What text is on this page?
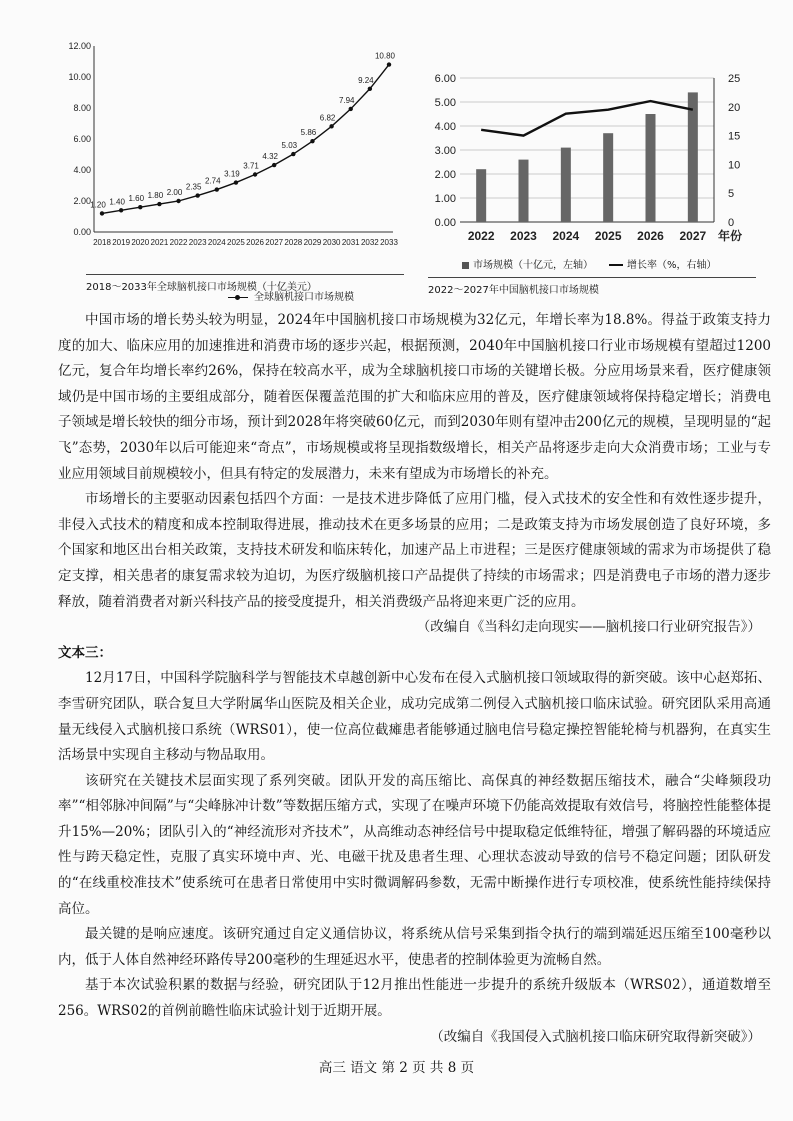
0.00
2.00
4.00
6.00
8.00
10.00
12.00
2018 2019 2020 2021 2022 2023 2024 2025 2026 2027 2028 2029 2030 2031 2032 2033
1.20 1.40 1.60 1.80 2.00
2.35
2.74
3.19
3.71
4.32
5.03
5.86
6.82
7.94
9.24
10.80
全球脑机接口市场规模
2018～2033年全球脑机接口市场规模（十亿美元）
0.00
1.00
2.00
3.00
4.00
5.00
6.00
0
5
10
15
20
25
2022 2023 2024 2025 2026 2027 年份
市场规模（十亿元，左轴）	增长率（%，右轴）
2022～2027年中国脑机接口市场规模

中国市场的增长势头较为明显，2024年中国脑机接口市场规模为32亿元，年增长率为18.8%。得益于政策支持力度的加大、临床应用的加速推进和消费市场的逐步兴起，根据预测，2040年中国脑机接口行业市场规模有望超过1200亿元，复合年均增长率约26%，保持在较高水平，成为全球脑机接口市场的关键增长极。分应用场景来看，医疗健康领域仍是中国市场的主要组成部分，随着医保覆盖范围的扩大和临床应用的普及，医疗健康领域将保持稳定增长；消费电子领域是增长较快的细分市场，预计到2028年将突破60亿元，而到2030年则有望冲击200亿元的规模，呈现明显的“起飞”态势，2030年以后可能迎来“奇点”，市场规模或将呈现指数级增长，相关产品将逐步走向大众消费市场；工业与专业应用领域目前规模较小，但具有特定的发展潜力，未来有望成为市场增长的补充。

市场增长的主要驱动因素包括四个方面：一是技术进步降低了应用门槛，侵入式技术的安全性和有效性逐步提升，非侵入式技术的精度和成本控制取得进展，推动技术在更多场景的应用；二是政策支持为市场发展创造了良好环境，多个国家和地区出台相关政策，支持技术研发和临床转化，加速产品上市进程；三是医疗健康领域的需求为市场提供了稳定支撑，相关患者的康复需求较为迫切，为医疗级脑机接口产品提供了持续的市场需求；四是消费电子市场的潜力逐步释放，随着消费者对新兴科技产品的接受度提升，相关消费级产品将迎来更广泛的应用。

（改编自《当科幻走向现实——脑机接口行业研究报告》）

文本三：

12月17日，中国科学院脑科学与智能技术卓越创新中心发布在侵入式脑机接口领域取得的新突破。该中心赵郑拓、李雪研究团队，联合复旦大学附属华山医院及相关企业，成功完成第二例侵入式脑机接口临床试验。研究团队采用高通量无线侵入式脑机接口系统（WRS01），使一位高位截瘫患者能够通过脑电信号稳定操控智能轮椅与机器狗，在真实生活场景中实现自主移动与物品取用。

该研究在关键技术层面实现了系列突破。团队开发的高压缩比、高保真的神经数据压缩技术，融合“尖峰频段功率”“相邻脉冲间隔”与“尖峰脉冲计数”等数据压缩方式，实现了在噪声环境下仍能高效提取有效信号，将脑控性能整体提升15%—20%；团队引入的“神经流形对齐技术”，从高维动态神经信号中提取稳定低维特征，增强了解码器的环境适应性与跨天稳定性，克服了真实环境中声、光、电磁干扰及患者生理、心理状态波动导致的信号不稳定问题；团队研发的“在线重校准技术”使系统可在患者日常使用中实时微调解码参数，无需中断操作进行专项校准，使系统性能持续保持高位。

最关键的是响应速度。该研究通过自定义通信协议，将系统从信号采集到指令执行的端到端延迟压缩至100毫秒以内，低于人体自然神经环路传导200毫秒的生理延迟水平，使患者的控制体验更为流畅自然。

基于本次试验积累的数据与经验，研究团队于12月推出性能进一步提升的系统升级版本（WRS02），通道数增至256。WRS02的首例前瞻性临床试验计划于近期开展。

（改编自《我国侵入式脑机接口临床研究取得新突破》）

高三 语文 第 2 页 共 8 页
